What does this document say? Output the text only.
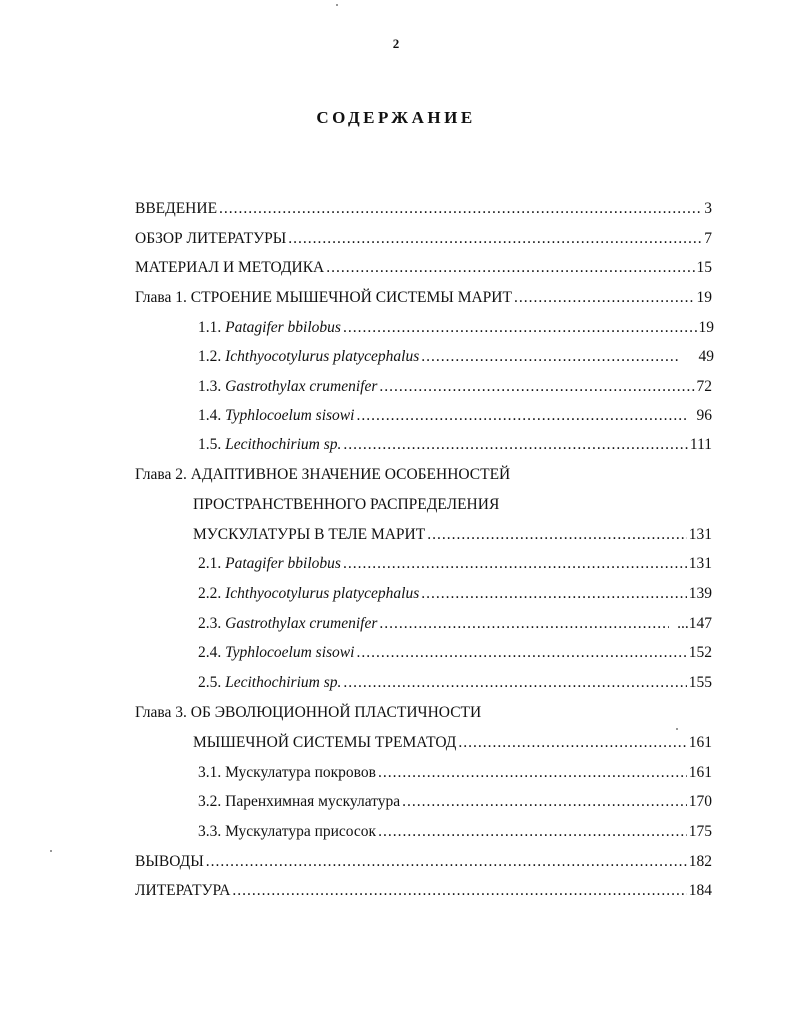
2
СОДЕРЖАНИЕ
ВВЕДЕНИЕ .....	3
ОБЗОР ЛИТЕРАТУРЫ .....	7
МАТЕРИАЛ И МЕТОДИКА .....	15
Глава 1. СТРОЕНИЕ МЫШЕЧНОЙ СИСТЕМЫ МАРИТ .....	19
1.1. Patagifer bbilobus .....	19
1.2. Ichthyocotylurus platycephalus .....	49
1.3. Gastrothylax crumenifer .....	72
1.4. Typhlocoelum sisowi .....	96
1.5. Lecithochirium sp. .....	111
Глава 2. АДАПТИВНОЕ ЗНАЧЕНИЕ ОСОБЕННОСТЕЙ
ПРОСТРАНСТВЕННОГО РАСПРЕДЕЛЕНИЯ
МУСКУЛАТУРЫ В ТЕЛЕ МАРИТ .....	131
2.1. Patagifer bbilobus .....	131
2.2. Ichthyocotylurus platycephalus .....	139
2.3. Gastrothylax crumenifer .....	...147
2.4. Typhlocoelum sisowi .....	152
2.5. Lecithochirium sp. .....	155
Глава 3. ОБ ЭВОЛЮЦИОННОЙ ПЛАСТИЧНОСТИ
МЫШЕЧНОЙ СИСТЕМЫ ТРЕМАТОД .....	161
3.1. Мускулатура покровов .....	161
3.2. Паренхимная мускулатура .....	170
3.3. Мускулатура присосок .....	175
ВЫВОДЫ .....	182
ЛИТЕРАТУРА .....	184
